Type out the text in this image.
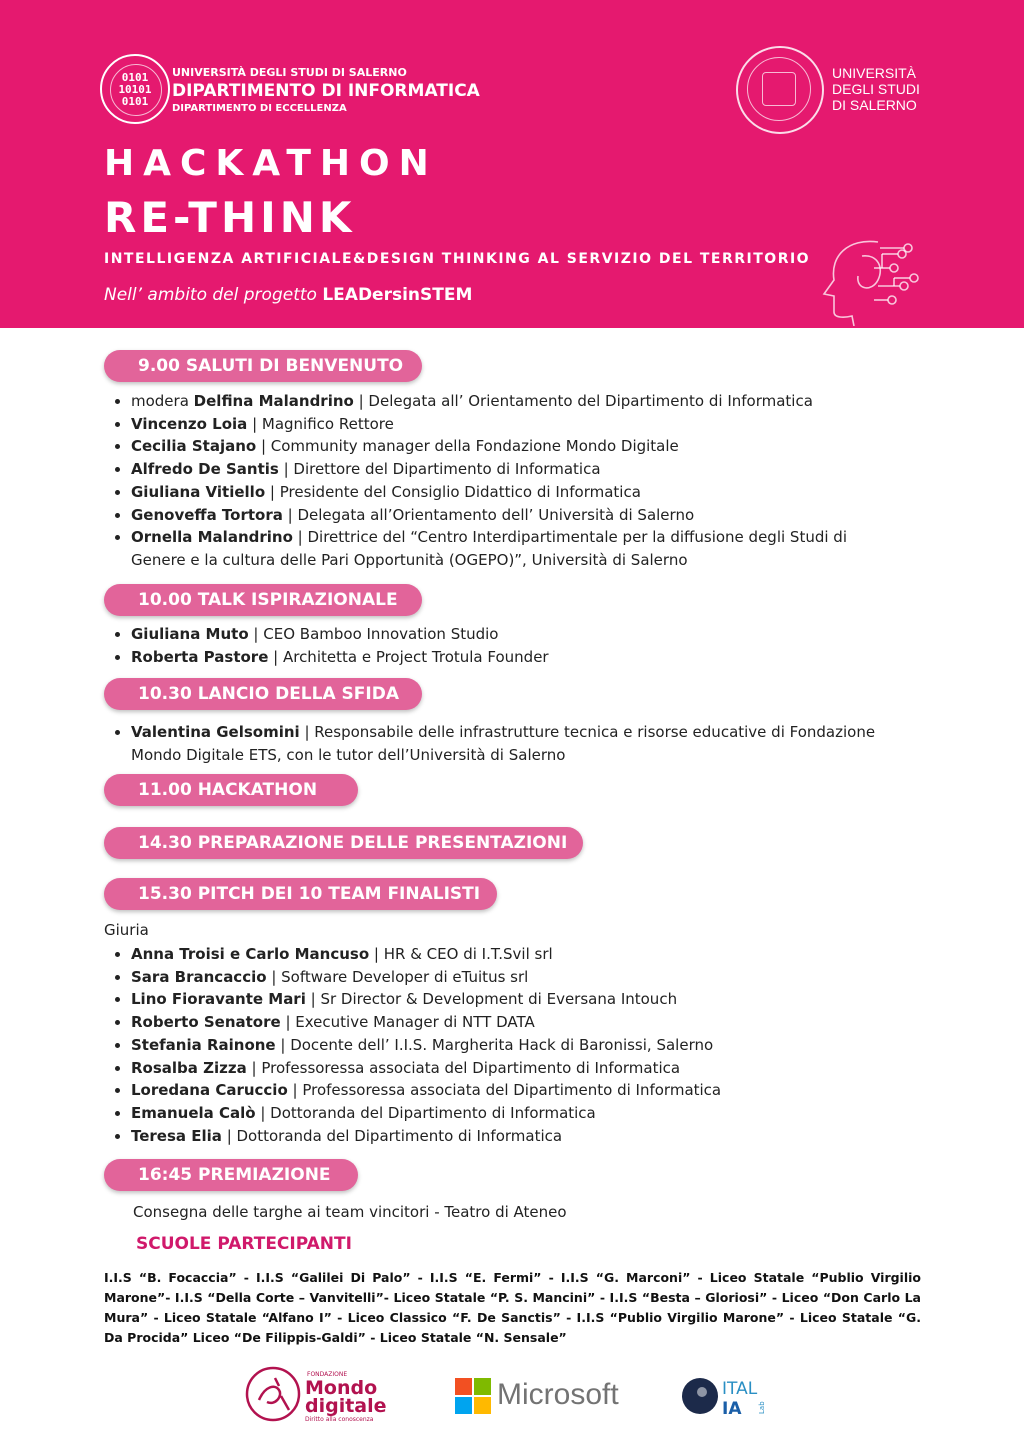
0101
10101
0101
UNIVERSITÀ DEGLI STUDI DI SALERNO
DIPARTIMENTO DI INFORMATICA
DIPARTIMENTO DI ECCELLENZA
UNIVERSITÀ
DEGLI STUDI
DI SALERNO
HACKATHON
RE-THINK
INTELLIGENZA ARTIFICIALE&DESIGN THINKING AL SERVIZIO DEL TERRITORIO
Nell’ ambito del progetto LEADersinSTEM
9.00 SALUTI DI BENVENUTO
• modera Delfina Malandrino | Delegata all’ Orientamento del Dipartimento di Informatica
• Vincenzo Loia | Magnifico Rettore
• Cecilia Stajano | Community manager della Fondazione Mondo Digitale
• Alfredo De Santis | Direttore del Dipartimento di Informatica
• Giuliana Vitiello | Presidente del Consiglio Didattico di Informatica
• Genoveffa Tortora | Delegata all’Orientamento dell’ Università di Salerno
• Ornella Malandrino | Direttrice del “Centro Interdipartimentale per la diffusione degli Studi di Genere e la cultura delle Pari Opportunità (OGEPO)”, Università di Salerno
10.00 TALK ISPIRAZIONALE
• Giuliana Muto | CEO Bamboo Innovation Studio
• Roberta Pastore | Architetta e Project Trotula Founder
10.30 LANCIO DELLA SFIDA
• Valentina Gelsomini | Responsabile delle infrastrutture tecnica e risorse educative di Fondazione Mondo Digitale ETS, con le tutor dell’Università di Salerno
11.00 HACKATHON
14.30 PREPARAZIONE DELLE PRESENTAZIONI
15.30 PITCH DEI 10 TEAM FINALISTI
Giuria
• Anna Troisi e Carlo Mancuso | HR & CEO di I.T.Svil srl
• Sara Brancaccio | Software Developer di eTuitus srl
• Lino Fioravante Mari | Sr Director & Development di Eversana Intouch
• Roberto Senatore | Executive Manager di NTT DATA
• Stefania Rainone | Docente dell’ I.I.S. Margherita Hack di Baronissi, Salerno
• Rosalba Zizza | Professoressa associata del Dipartimento di Informatica
• Loredana Caruccio | Professoressa associata del Dipartimento di Informatica
• Emanuela Calò | Dottoranda del Dipartimento di Informatica
• Teresa Elia | Dottoranda del Dipartimento di Informatica
16:45 PREMIAZIONE
Consegna delle targhe ai team vincitori - Teatro di Ateneo
SCUOLE PARTECIPANTI
I.I.S “B. Focaccia” - I.I.S “Galilei Di Palo” - I.I.S “E. Fermi” - I.I.S “G. Marconi” - Liceo Statale “Publio Virgilio Marone”- I.I.S “Della Corte – Vanvitelli”- Liceo Statale “P. S. Mancini” - I.I.S “Besta – Gloriosi” - Liceo “Don Carlo La Mura” - Liceo Statale “Alfano I” - Liceo Classico “F. De Sanctis” - I.I.S “Publio Virgilio Marone” - Liceo Statale “G. Da Procida” Liceo “De Filippis-Galdi” - Liceo Statale “N. Sensale”
FONDAZIONE
Mondo
digitale
Diritto alla conoscenza
Microsoft	ITAL
IA Lab
